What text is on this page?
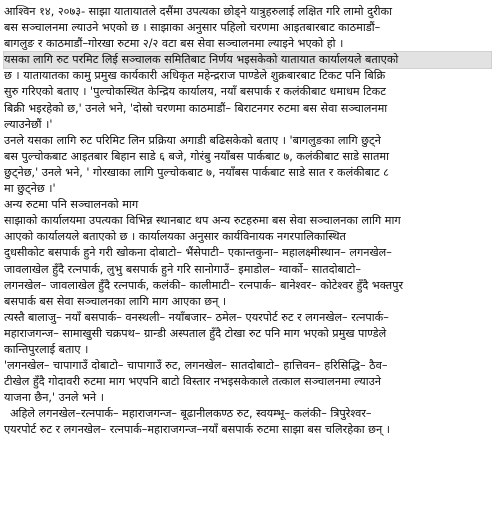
आश्विन १४, २०७३- साझा यातायातले दसैंमा उपत्यका छोड्ने यात्रुहरुलाई लक्षित गरि लामो दुरीका
बस सञ्चालनमा ल्याउने भएको छ । साझाका अनुसार पहिलो चरणमा आइतबारबाट काठमाडौं–
बागलुङ र काठमाडौं–गोरखा रुटमा २/२ वटा बस सेवा सञ्चालनमा ल्याइने भएको हो ।
यसका लागि रुट परमिट लिई सञ्चालक समितिबाट निर्णय भइसकेको यातायात कार्यालयले बताएको
छ । यातायातका कामु प्रमुख कार्यकारी अधिकृत महेन्द्रराज पाण्डेले शुक्रबारबाट टिकट पनि बिक्रि
सुरु गरिएको बताए । 'पुल्चोकस्थित केन्द्रिय कार्यालय, नयाँ बसपार्क र कलंकीबाट धमाधम टिकट
बिक्री भइरहेको छ,' उनले भने, 'दोस्रो चरणमा काठमाडौं– बिराटनगर रुटमा बस सेवा सञ्चालनमा
ल्याउनेछौं ।'
उनले यसका लागि रुट परिमिट लिन प्रक्रिया अगाडी बढिसकेको बताए । 'बागलुङका लागि छुट्ने
बस पुल्चोकबाट आइतबार बिहान साडे ६ बजे, गोरंबु नयाँबस पार्कबाट ७, कलंकीबाट साडे सातमा
छुट्नेछ,' उनले भने, ' गोरखाका लागि पुल्चोकबाट ७, नयाँबस पार्कबाट साडे सात र कलंकीबाट ८
मा छुट्नेछ ।'
अन्य रुटमा पनि सञ्चालनको माग
साझाको कार्यालयमा उपत्यका विभिन्न स्थानबाट थप अन्य रुटहरुमा बस सेवा सञ्चालनका लागि माग
आएको कार्यालयले बताएको छ । कार्यालयका अनुसार कार्यविनायक नगरपालिकास्थित
दुधसीकोट बसपार्क हुने गरी खोकना दोबाटो– भैंसेपाटी– एकान्तकुना– महालक्ष्मीस्थान– लगनखेल–
जावलाखेल हुँदै रत्नपार्क, लुभु बसपार्क हुने गरि सानोगाउँ– इमाडोल– ग्वार्को– सातदोबाटो–
लगनखेल– जावलाखेल हुँदै रत्नपार्क, कलंकी– कालीमाटी– रत्नपार्क– बानेश्वर– कोटेश्वर हुँदै भक्तपुर
बसपार्क बस सेवा सञ्चालनका लागि माग आएका छन् ।
त्यस्तै बालाजु– नयाँ बसपार्क– वनस्थली– नयाँबजार– ठमेल– एयरपोर्ट रुट र लगनखेल– रत्नपार्क–
महाराजगन्ज– सामाखुसी चक्रपथ– ग्रान्डी अस्पताल हुँदै टोखा रुट पनि माग भएको प्रमुख पाण्डेले
कान्तिपुरलाई बताए ।
'लगनखेल– चापागाउँ दोबाटो– चापागाउँ रुट, लगनखेल– सातदोबाटो– हात्तिवन– हरिसिद्धि– ठैव–
टीखेल हुँदै गोदावरी रुटमा माग भएपनि बाटो विस्तार नभइसकेकाले तत्काल सञ्चालनमा ल्याउने
याजना छैन,' उनले भने ।
अहिले लगनखेल–रत्नपार्क– महाराजगन्ज– बूढानीलकण्ठ रुट, स्वयम्भू– कलंकी– त्रिपुरेश्वर–
एयरपोर्ट रुट र लगनखेल– रत्नपार्क–महाराजगन्ज–नयाँ बसपार्क रुटमा साझा बस चलिरहेका छन् ।
